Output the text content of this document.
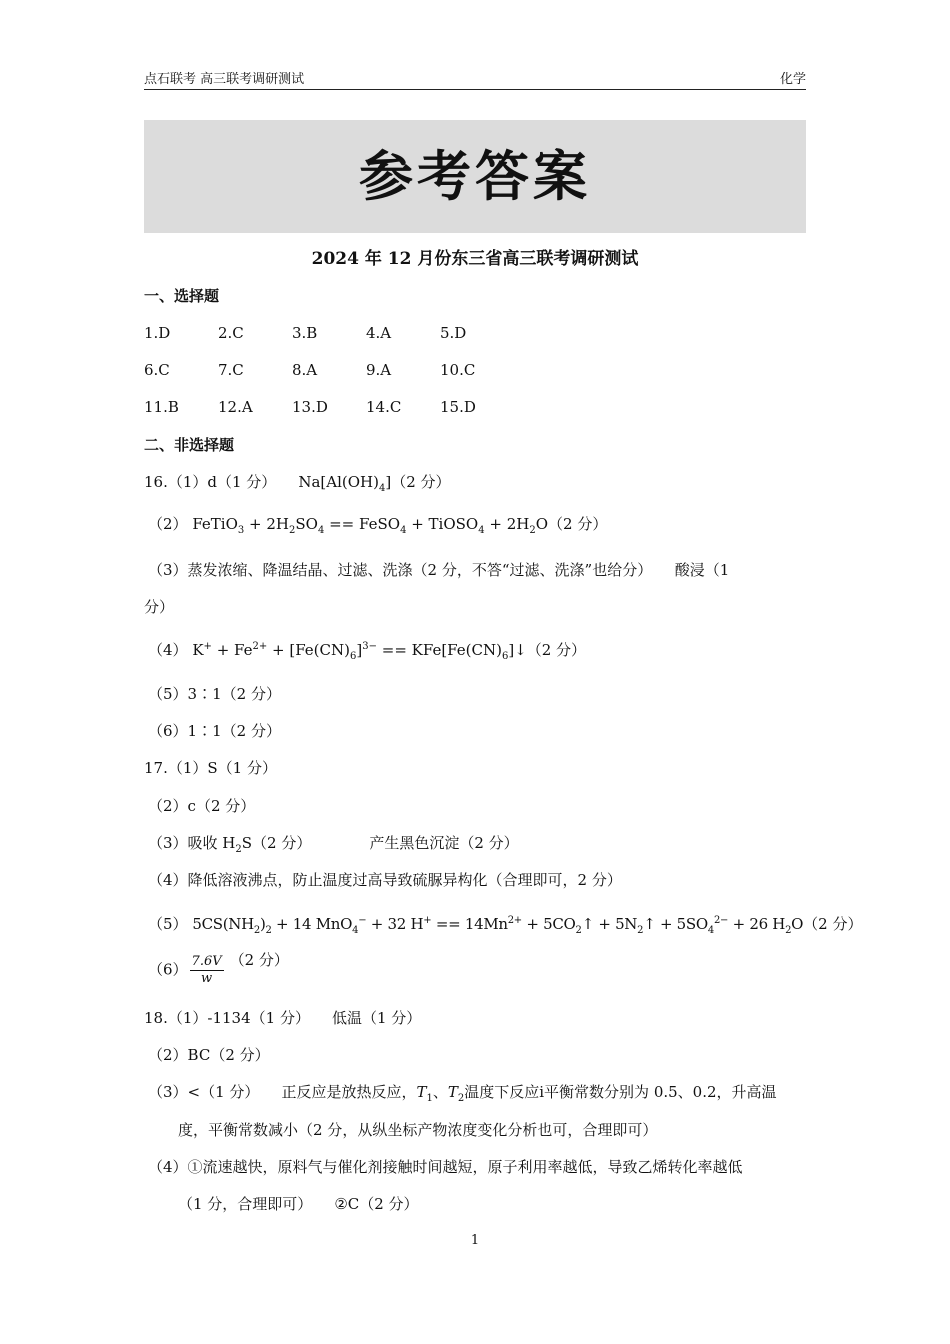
点石联考 高三联考调研测试	化学
参考答案
2024 年 12 月份东三省高三联考调研测试
一、选择题
1.D	2.C	3.B	4.A	5.D
6.C	7.C	8.A	9.A	10.C
11.B	12.A	13.D	14.C	15.D
二、非选择题
16.（1）d（1 分） $Na[Al(OH)_4](2$ 分）
（2） FeTiO$_3$ + $2H_2SO_4$ == FeSO$_4$ + TiOSO$_4$ + $2H_2O(2$ 分）
（3）蒸发浓缩、降温结晶、过滤、洗涤（2 分，不答“过滤、洗涤”也给分）　　酸浸（1
分）
（4） $K^+ + Fe^{2+} + [Fe(CN)_6]^{3-}$ == $KFe[Fe(CN)_6]↓(2$ 分）
（5）3∶1（2 分）
（6）1∶1（2 分）
17.（1）S（1 分）
（2）c（2 分）
（3）吸收 $H_2S(2$ 分）	产生黑色沉淀（2 分）
（4）降低溶液沸点，防止温度过高导致硫脲异构化（合理即可，2 分）
（5） $5CS(NH_2)_2 + 14$ MnO$_4$− + 32 $H^+ == 14Mn^{2+}$ + $5CO_2↑$ + $5N_2↑ + 5SO_4^{2-} + 26$ $H_2O(2$ 分）
$(6) \frac{7.6V}{w} (2$ 分）
18.（1）-1134（1 分） 低温（1 分）
（2）BC（2 分）
（3）<（1 分） 正反应是放热反应，$T_1$、$T_2$温度下反应ⅰ平衡常数分别为 0.5、0.2，升高温
度，平衡常数减小（2 分，从纵坐标产物浓度变化分析也可，合理即可）
（4）①流速越快，原料气与催化剂接触时间越短，原子利用率越低，导致乙烯转化率越低
（1 分，合理即可） ②C（2 分）
1
